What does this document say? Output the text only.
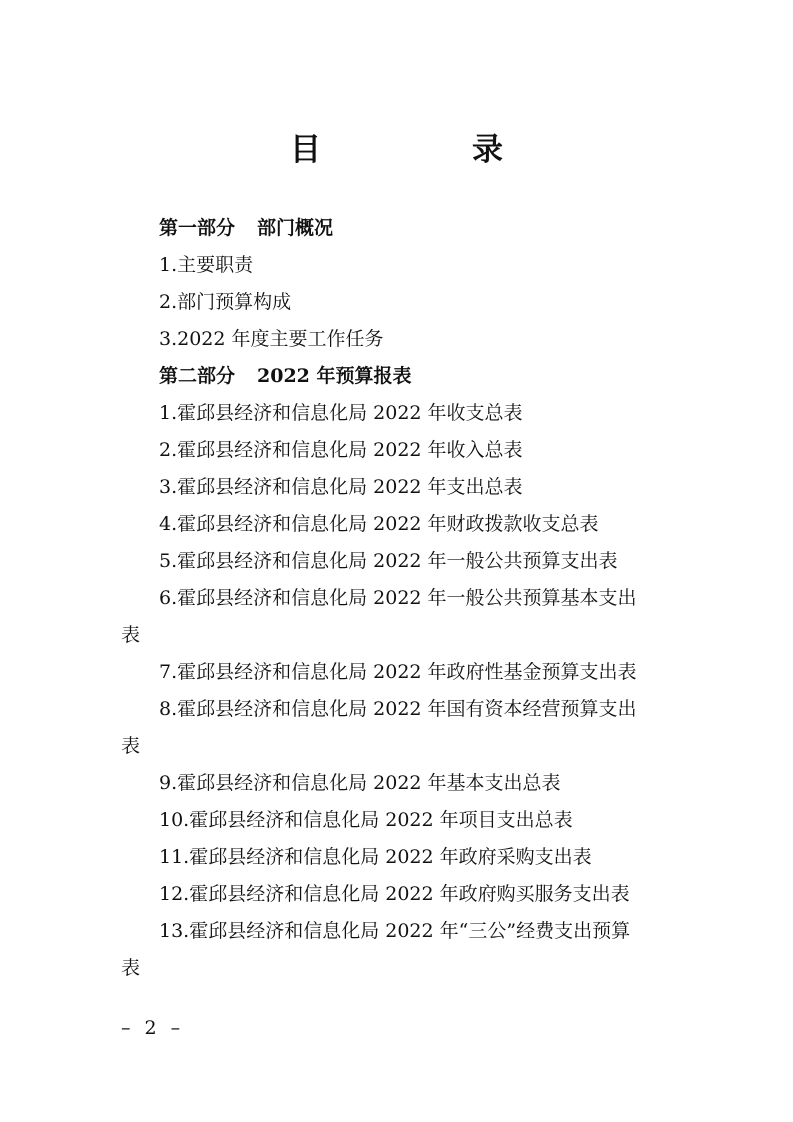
目　录
第一部分 部门概况
1.主要职责
2.部门预算构成
3.2022 年度主要工作任务
第二部分 2022 年预算报表
1.霍邱县经济和信息化局 2022 年收支总表
2.霍邱县经济和信息化局 2022 年收入总表
3.霍邱县经济和信息化局 2022 年支出总表
4.霍邱县经济和信息化局 2022 年财政拨款收支总表
5.霍邱县经济和信息化局 2022 年一般公共预算支出表
6.霍邱县经济和信息化局 2022 年一般公共预算基本支出
表
7.霍邱县经济和信息化局 2022 年政府性基金预算支出表
8.霍邱县经济和信息化局 2022 年国有资本经营预算支出
表
9.霍邱县经济和信息化局 2022 年基本支出总表
10.霍邱县经济和信息化局 2022 年项目支出总表
11.霍邱县经济和信息化局 2022 年政府采购支出表
12.霍邱县经济和信息化局 2022 年政府购买服务支出表
13.霍邱县经济和信息化局 2022 年“三公”经费支出预算
表
– 2 –
